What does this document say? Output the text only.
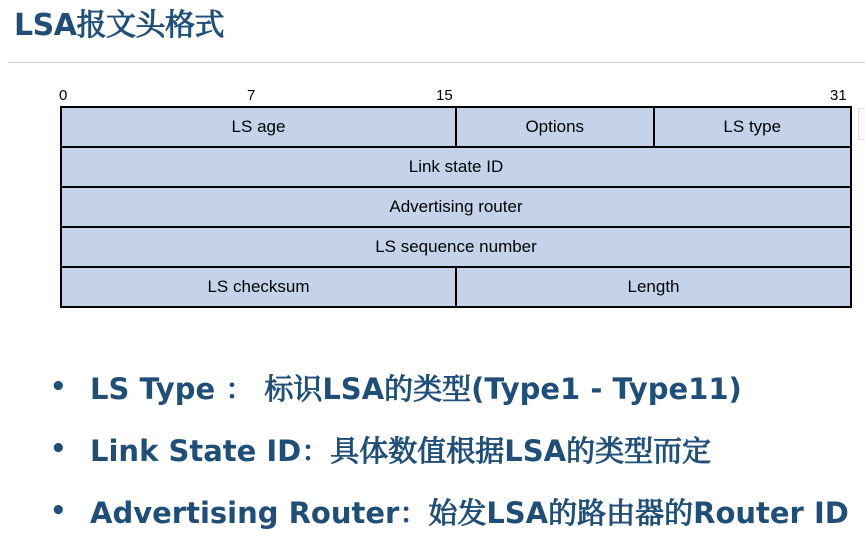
LSA报文头格式
0	7	15	31
LS age	Options	LS type
Link state ID
Advertising router
LS sequence number
LS checksum	Length
• LS Type ： 标识LSA的类型(Type1 - Type11)
• Link State ID：具体数值根据LSA的类型而定
• Advertising Router：始发LSA的路由器的Router ID
